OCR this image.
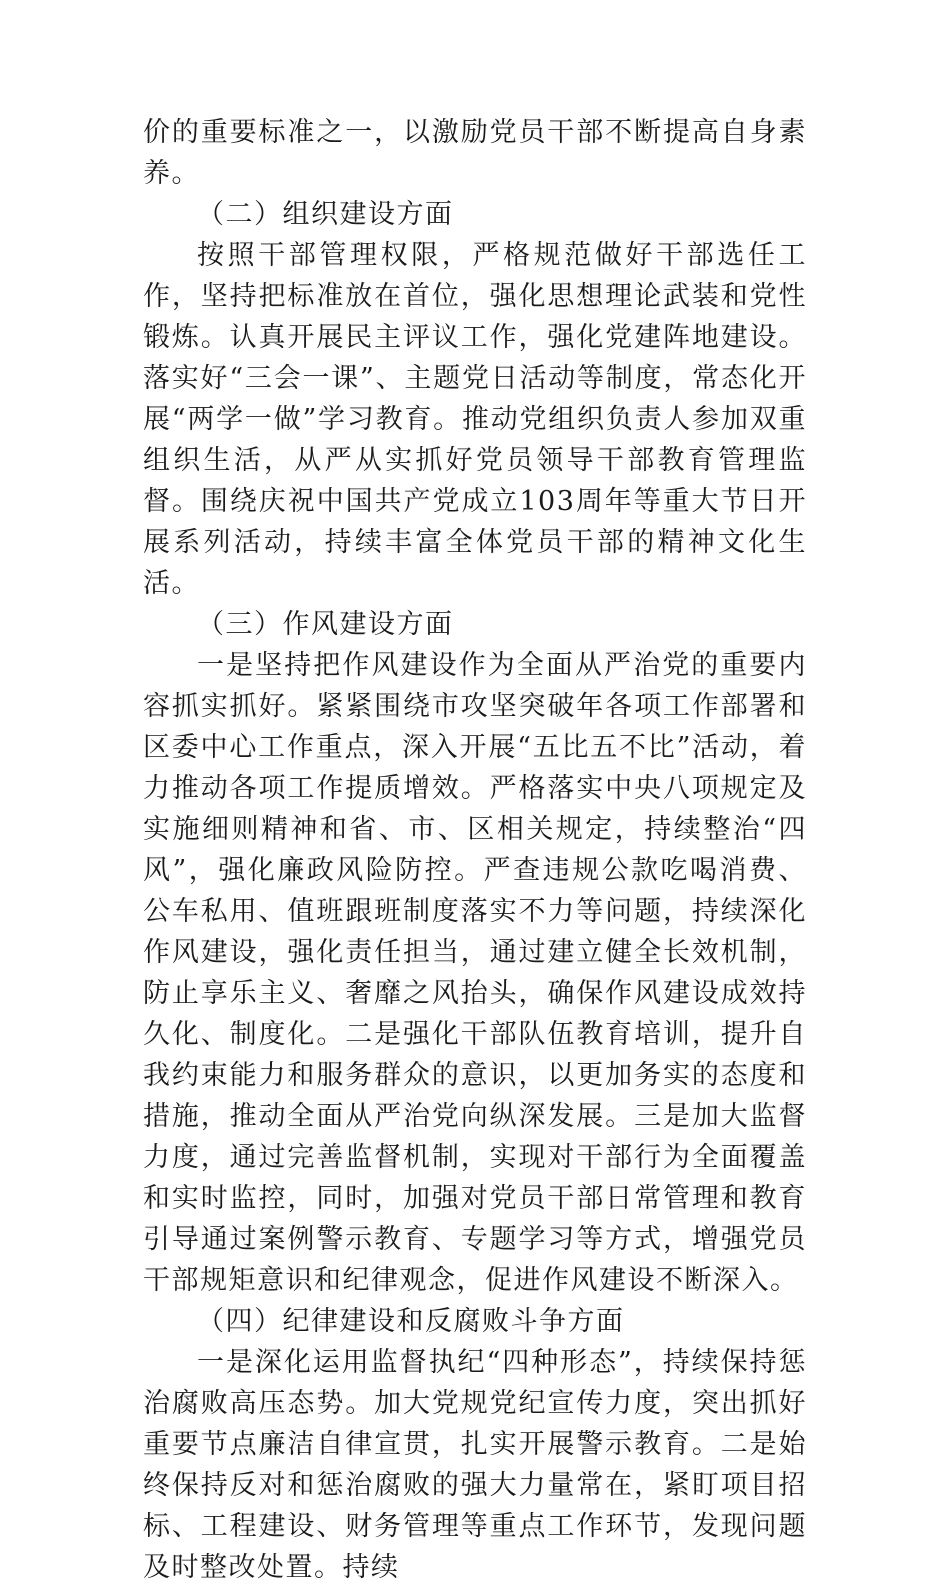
价的重要标准之一，以激励党员干部不断提高自身素养。

（二）组织建设方面

按照干部管理权限，严格规范做好干部选任工作，坚持把标准放在首位，强化思想理论武装和党性锻炼。认真开展民主评议工作，强化党建阵地建设。落实好“三会一课”、主题党日活动等制度，常态化开展“两学一做”学习教育。推动党组织负责人参加双重组织生活，从严从实抓好党员领导干部教育管理监督。围绕庆祝中国共产党成立103周年等重大节日开展系列活动，持续丰富全体党员干部的精神文化生活。

（三）作风建设方面

一是坚持把作风建设作为全面从严治党的重要内容抓实抓好。紧紧围绕市攻坚突破年各项工作部署和区委中心工作重点，深入开展“五比五不比”活动，着力推动各项工作提质增效。严格落实中央八项规定及实施细则精神和省、市、区相关规定，持续整治“四风”，强化廉政风险防控。严查违规公款吃喝消费、公车私用、值班跟班制度落实不力等问题，持续深化作风建设，强化责任担当，通过建立健全长效机制，防止享乐主义、奢靡之风抬头，确保作风建设成效持久化、制度化。二是强化干部队伍教育培训，提升自我约束能力和服务群众的意识，以更加务实的态度和措施，推动全面从严治党向纵深发展。三是加大监督力度，通过完善监督机制，实现对干部行为全面覆盖和实时监控，同时，加强对党员干部日常管理和教育引导通过案例警示教育、专题学习等方式，增强党员干部规矩意识和纪律观念，促进作风建设不断深入。

（四）纪律建设和反腐败斗争方面

一是深化运用监督执纪“四种形态”，持续保持惩治腐败高压态势。加大党规党纪宣传力度，突出抓好重要节点廉洁自律宣贯，扎实开展警示教育。二是始终保持反对和惩治腐败的强大力量常在，紧盯项目招标、工程建设、财务管理等重点工作环节，发现问题及时整改处置。持续
